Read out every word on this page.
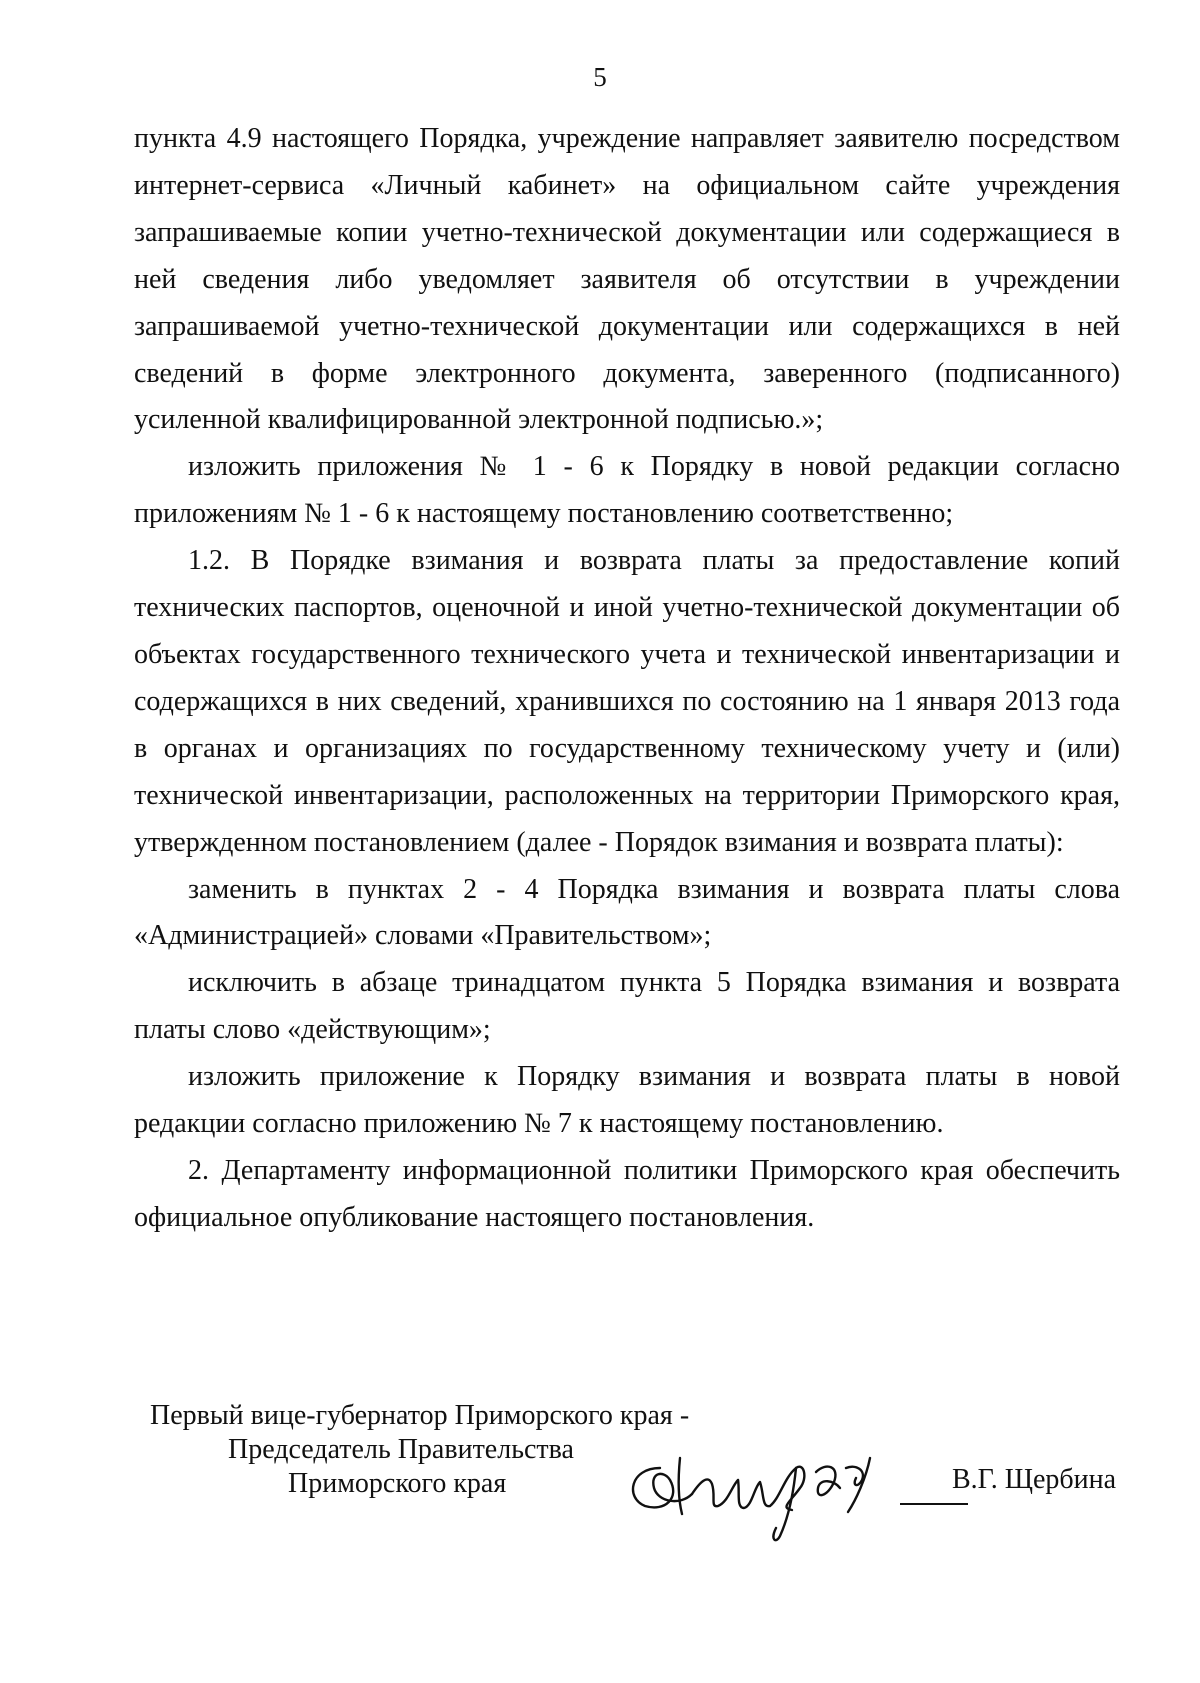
5

пункта 4.9 настоящего Порядка, учреждение направляет заявителю посредством интернет-сервиса «Личный кабинет» на официальном сайте учреждения запрашиваемые копии учетно-технической документации или содержащиеся в ней сведения либо уведомляет заявителя об отсутствии в учреждении запрашиваемой учетно-технической документации или содержащихся в ней сведений в форме электронного документа, заверенного (подписанного) усиленной квалифицированной электронной подписью.»;

изложить приложения № 1 - 6 к Порядку в новой редакции согласно приложениям № 1 - 6 к настоящему постановлению соответственно;

1.2. В Порядке взимания и возврата платы за предоставление копий технических паспортов, оценочной и иной учетно-технической документации об объектах государственного технического учета и технической инвентаризации и содержащихся в них сведений, хранившихся по состоянию на 1 января 2013 года в органах и организациях по государственному техническому учету и (или) технической инвентаризации, расположенных на территории Приморского края, утвержденном постановлением (далее - Порядок взимания и возврата платы):

заменить в пунктах 2 - 4 Порядка взимания и возврата платы слова «Администрацией» словами «Правительством»;

исключить в абзаце тринадцатом пункта 5 Порядка взимания и возврата платы слово «действующим»;

изложить приложение к Порядку взимания и возврата платы в новой редакции согласно приложению № 7 к настоящему постановлению.

2. Департаменту информационной политики Приморского края обеспечить официальное опубликование настоящего постановления.

Первый вице-губернатор Приморского края -
Председатель Правительства
Приморского края	В.Г. Щербина
